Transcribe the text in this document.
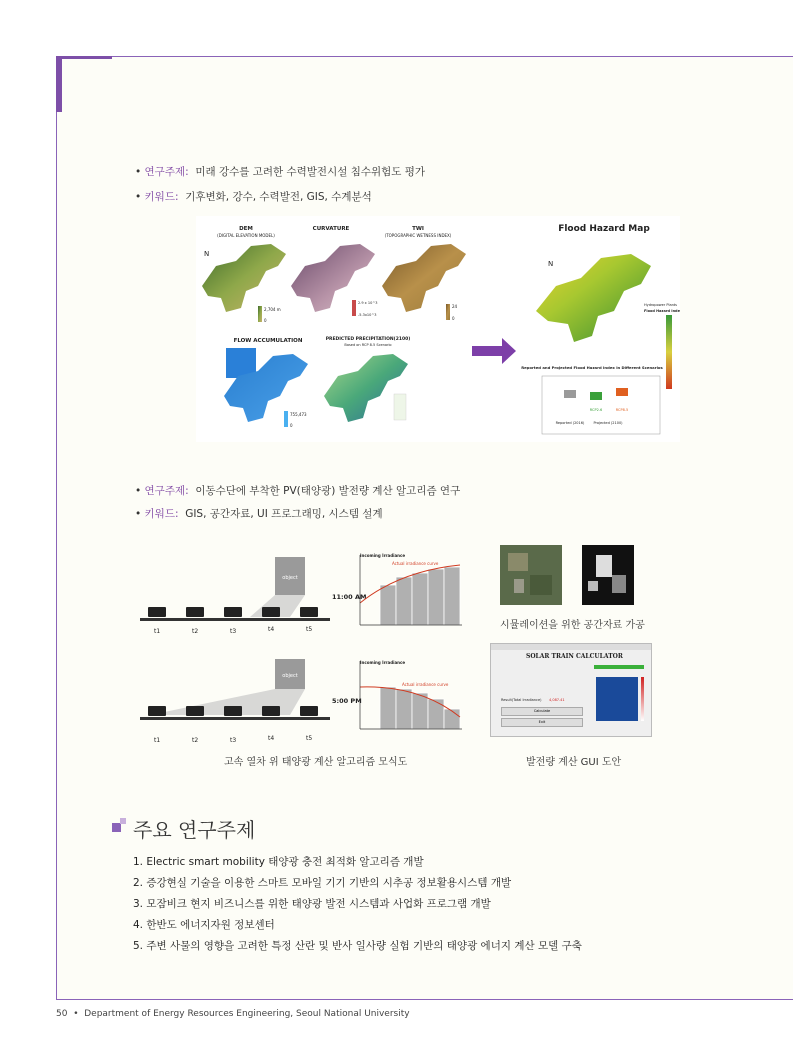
• 연구주제: 미래 강수를 고려한 수력발전시설 침수위험도 평가
• 키워드: 기후변화, 강수, 수력발전, GIS, 수계분석
DEM
(DIGITAL ELEVATION MODEL)
N
2,704 m
0
CURVATURE
2.9 x 10^3
-5.3x10^3
TWI
(TOPOGRAPHIC WETNESS INDEX)
24
0
FLOW ACCUMULATION
755,473
0
PREDICTED PRECIPITATION(2100)
Based on RCP 8.5 Scenario
Flood Hazard Map
N
Hydropower Plants
Flood Hazard Index
Reported and Projected Flood Hazard Index in Different Scenarios
RCP2.6	RCP8.5
Reported (2016)	Projected (2100)
• 연구주제: 이동수단에 부착한 PV(태양광) 발전량 계산 알고리즘 연구
• 키워드: GIS, 공간자료, UI 프로그래밍, 시스템 설계
object
t1	t2	t3	t4	t5
11:00 AM
Incoming Irradiance
Actual irradiance curve
object
t1	t2	t3	t4	t5
5:00 PM
Incoming Irradiance
Actual irradiance curve
시뮬레이션을 위한 공간자료 가공
SOLAR TRAIN CALCULATOR
Result(Total Irradiance) 4,087.41
Calculate
Exit
고속 열차 위 태양광 계산 알고리즘 모식도	발전량 계산 GUI 도안
주요 연구주제
1. Electric smart mobility 태양광 충전 최적화 알고리즘 개발
2. 증강현실 기술을 이용한 스마트 모바일 기기 기반의 시추공 정보활용시스템 개발
3. 모잠비크 현지 비즈니스를 위한 태양광 발전 시스템과 사업화 프로그램 개발
4. 한반도 에너지자원 정보센터
5. 주변 사물의 영향을 고려한 특정 산란 및 반사 일사량 실험 기반의 태양광 에너지 계산 모델 구축
50 • Department of Energy Resources Engineering, Seoul National University
